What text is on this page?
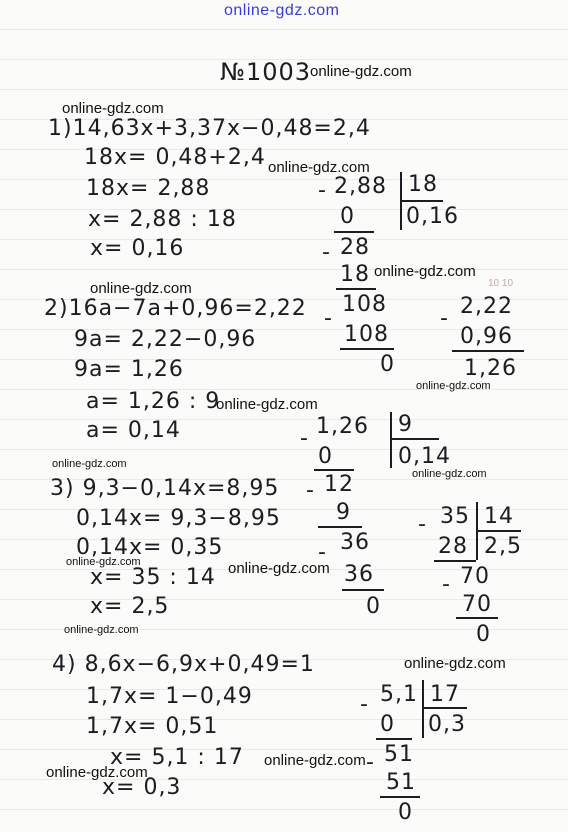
online-gdz.com
online-gdz.com
online-gdz.com
online-gdz.com
online-gdz.com
online-gdz.com
online-gdz.com
online-gdz.com
online-gdz.com
online-gdz.com
online-gdz.com	online-gdz.com
online-gdz.com
online-gdz.com
online-gdz.com
online-gdz.com
№1003
1)14,63x+3,37x−0,48=2,4
18x= 0,48+2,4
18x= 2,88
x= 2,88 : 18
x= 0,16
- 2,88 18
0,16
0
- 28
18
-
108
108
0
2)16a−7a+0,96=2,22
9a= 2,22−0,96
9a= 1,26
a= 1,26 : 9
a= 0,14
10 10
- 2,22
0,96
1,26
- 1,26 9
0,14
0
- 12
9
- 36
36
0
3) 9,3−0,14x=8,95
0,14x= 9,3−8,95
0,14x= 0,35
x= 35 : 14
x= 2,5
- 35 14
2,5
28
- 70
70
0
4) 8,6x−6,9x+0,49=1
1,7x= 1−0,49
1,7x= 0,51
x= 5,1 : 17
x= 0,3
- 5,1 17
0,3
0
- 51
51
0
